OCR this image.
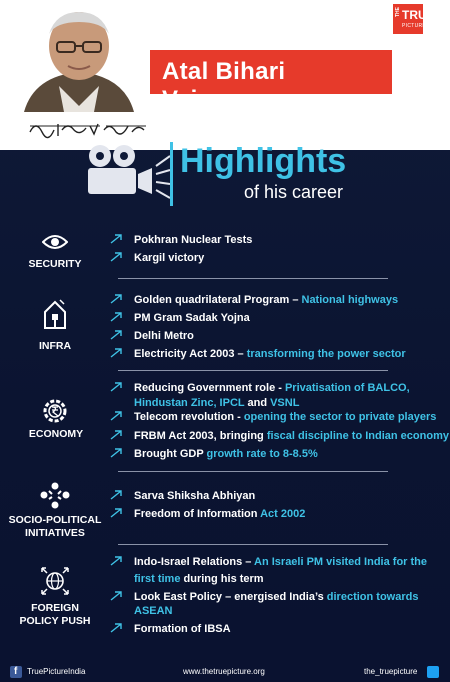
Atal Bihari Vajpayee
THE TRUE
PICTURE
Highlights
of his career
SECURITY
Pokhran Nuclear Tests
Kargil victory
INFRA
Golden quadrilateral Program – National highways
PM Gram Sadak Yojna
Delhi Metro
Electricity Act 2003 – transforming the power sector
ECONOMY
Reducing Government role - Privatisation of BALCO,
Hindustan Zinc, IPCL and VSNL
Telecom revolution - opening the sector to private players
FRBM Act 2003, bringing fiscal discipline to Indian economy
Brought GDP growth rate to 8-8.5%
SOCIO-POLITICAL
INITIATIVES
Sarva Shiksha Abhiyan
Freedom of Information Act 2002
FOREIGN
POLICY PUSH
Indo-Israel Relations – An Israeli PM visited India for the
first time during his term
Look East Policy – energised India’s direction towards
ASEAN
Formation of IBSA
f TruePictureIndia	www.thetruepicture.org	the_truepicture
